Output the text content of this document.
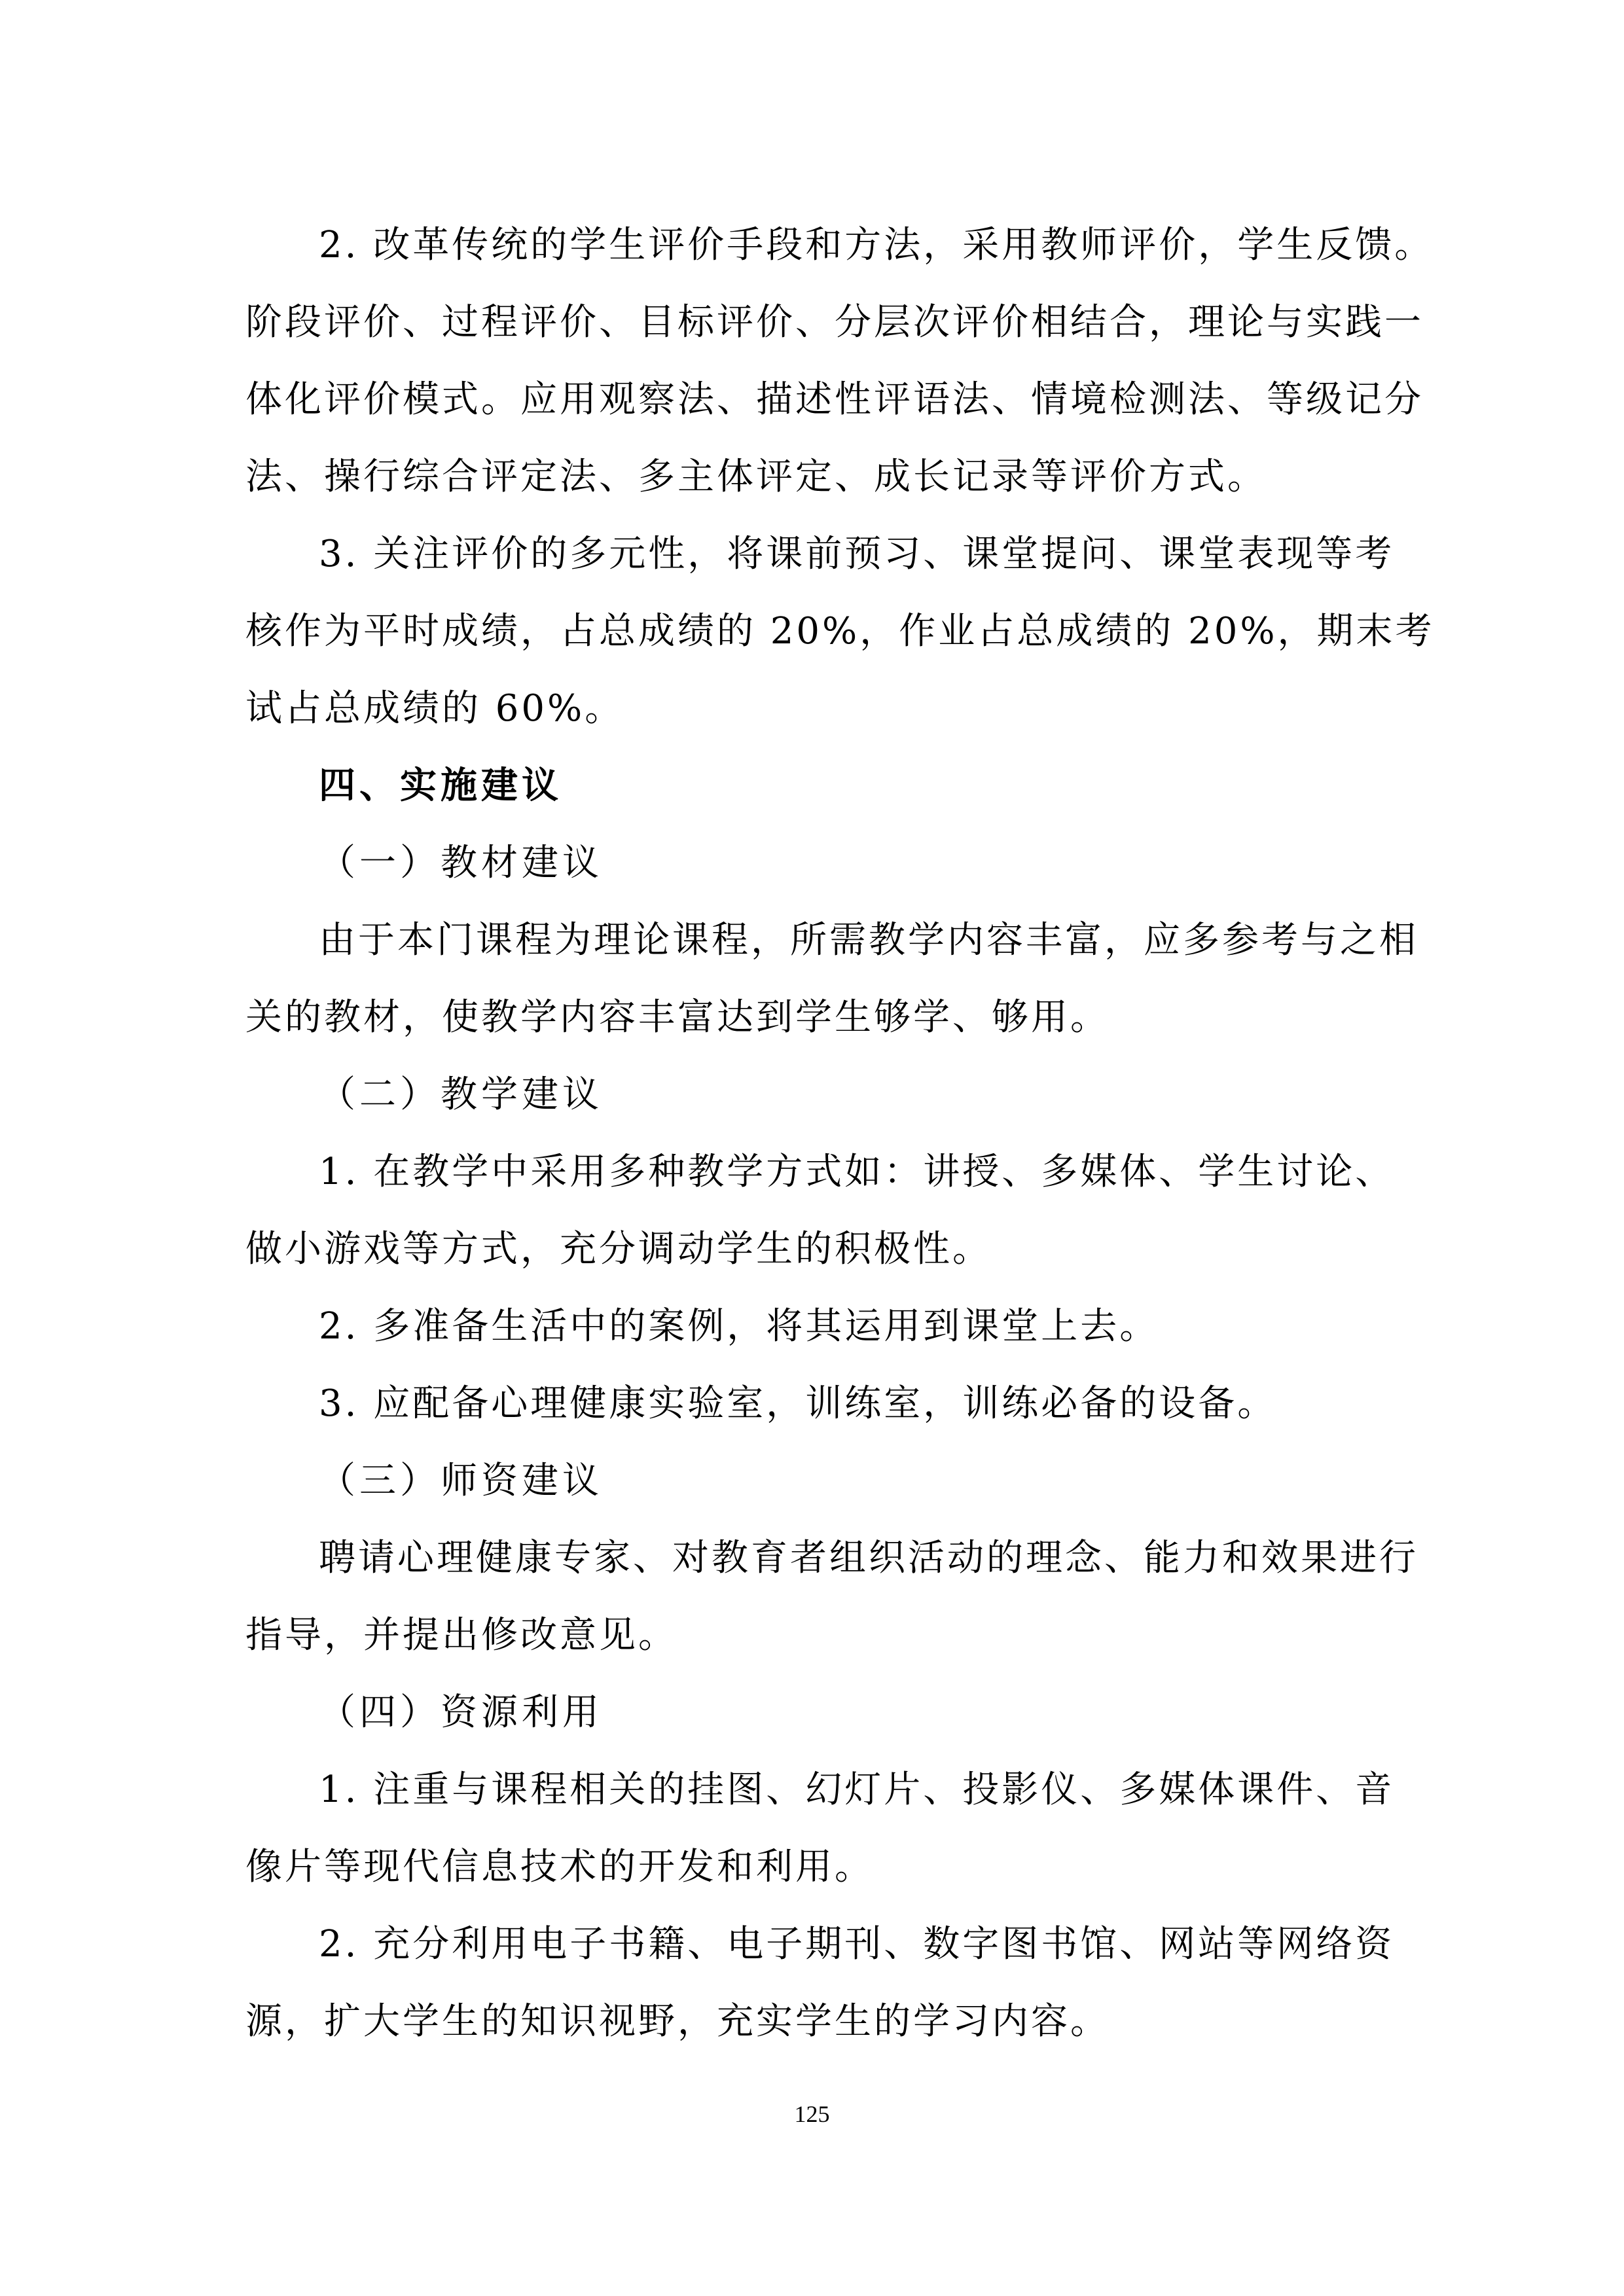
2. 改革传统的学生评价手段和方法，采用教师评价，学生反馈。
阶段评价、过程评价、目标评价、分层次评价相结合，理论与实践一
体化评价模式。应用观察法、描述性评语法、情境检测法、等级记分
法、操行综合评定法、多主体评定、成长记录等评价方式。
3. 关注评价的多元性，将课前预习、课堂提问、课堂表现等考
核作为平时成绩，占总成绩的 20%，作业占总成绩的 20%，期末考
试占总成绩的 60%。
四、实施建议
（一）教材建议
由于本门课程为理论课程，所需教学内容丰富，应多参考与之相
关的教材，使教学内容丰富达到学生够学、够用。
（二）教学建议
1. 在教学中采用多种教学方式如：讲授、多媒体、学生讨论、
做小游戏等方式，充分调动学生的积极性。
2. 多准备生活中的案例，将其运用到课堂上去。
3. 应配备心理健康实验室，训练室，训练必备的设备。
（三）师资建议
聘请心理健康专家、对教育者组织活动的理念、能力和效果进行
指导，并提出修改意见。
（四）资源利用
1. 注重与课程相关的挂图、幻灯片、投影仪、多媒体课件、音
像片等现代信息技术的开发和利用。
2. 充分利用电子书籍、电子期刊、数字图书馆、网站等网络资
源，扩大学生的知识视野，充实学生的学习内容。
125
